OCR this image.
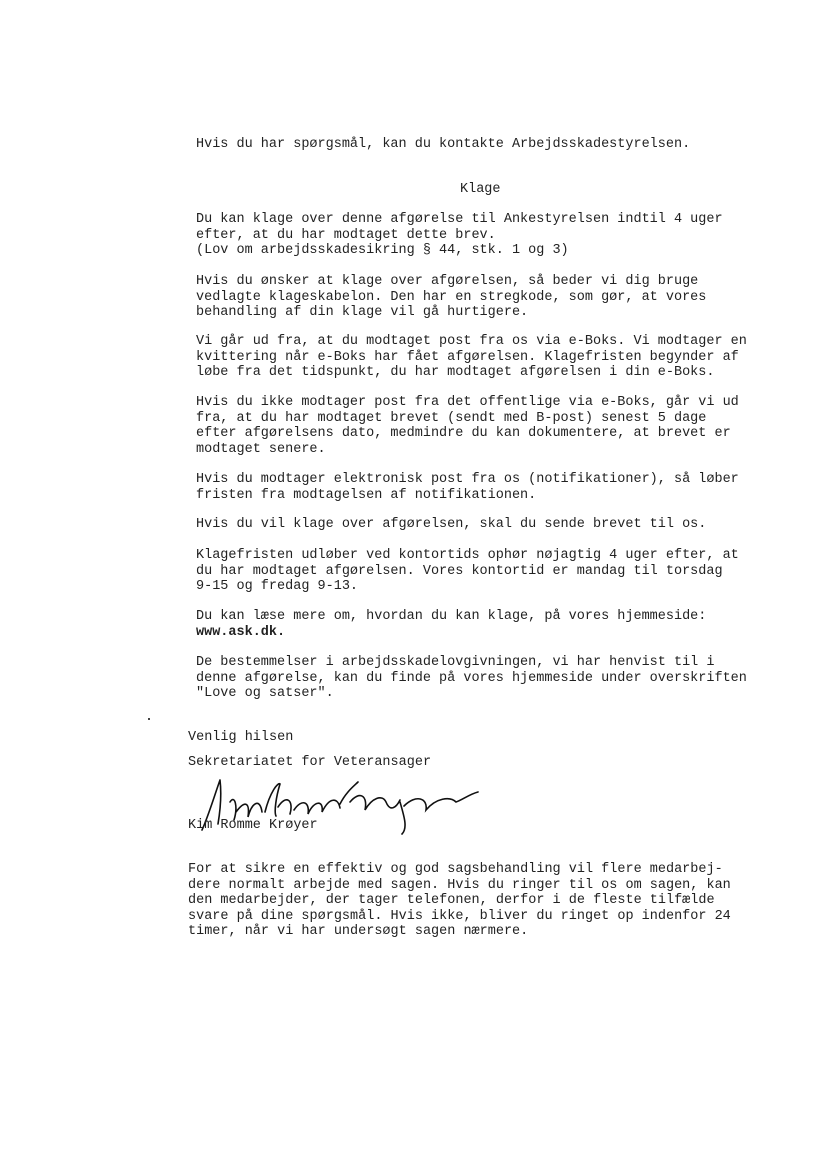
Hvis du har spørgsmål, kan du kontakte Arbejdsskadestyrelsen.
Klage
Du kan klage over denne afgørelse til Ankestyrelsen indtil 4 uger
efter, at du har modtaget dette brev.
(Lov om arbejdsskadesikring § 44, stk. 1 og 3)
Hvis du ønsker at klage over afgørelsen, så beder vi dig bruge
vedlagte klageskabelon. Den har en stregkode, som gør, at vores
behandling af din klage vil gå hurtigere.
Vi går ud fra, at du modtaget post fra os via e-Boks. Vi modtager en
kvittering når e-Boks har fået afgørelsen. Klagefristen begynder af
løbe fra det tidspunkt, du har modtaget afgørelsen i din e-Boks.
Hvis du ikke modtager post fra det offentlige via e-Boks, går vi ud
fra, at du har modtaget brevet (sendt med B-post) senest 5 dage
efter afgørelsens dato, medmindre du kan dokumentere, at brevet er
modtaget senere.
Hvis du modtager elektronisk post fra os (notifikationer), så løber
fristen fra modtagelsen af notifikationen.
Hvis du vil klage over afgørelsen, skal du sende brevet til os.
Klagefristen udløber ved kontortids ophør nøjagtig 4 uger efter, at
du har modtaget afgørelsen. Vores kontortid er mandag til torsdag
9-15 og fredag 9-13.
Du kan læse mere om, hvordan du kan klage, på vores hjemmeside:
www.ask.dk.
De bestemmelser i arbejdsskadelovgivningen, vi har henvist til i
denne afgørelse, kan du finde på vores hjemmeside under overskriften
"Love og satser".
Venlig hilsen
Sekretariatet for Veteransager
Kim Romme Krøyer
For at sikre en effektiv og god sagsbehandling vil flere medarbej-
dere normalt arbejde med sagen. Hvis du ringer til os om sagen, kan
den medarbejder, der tager telefonen, derfor i de fleste tilfælde
svare på dine spørgsmål. Hvis ikke, bliver du ringet op indenfor 24
timer, når vi har undersøgt sagen nærmere.
